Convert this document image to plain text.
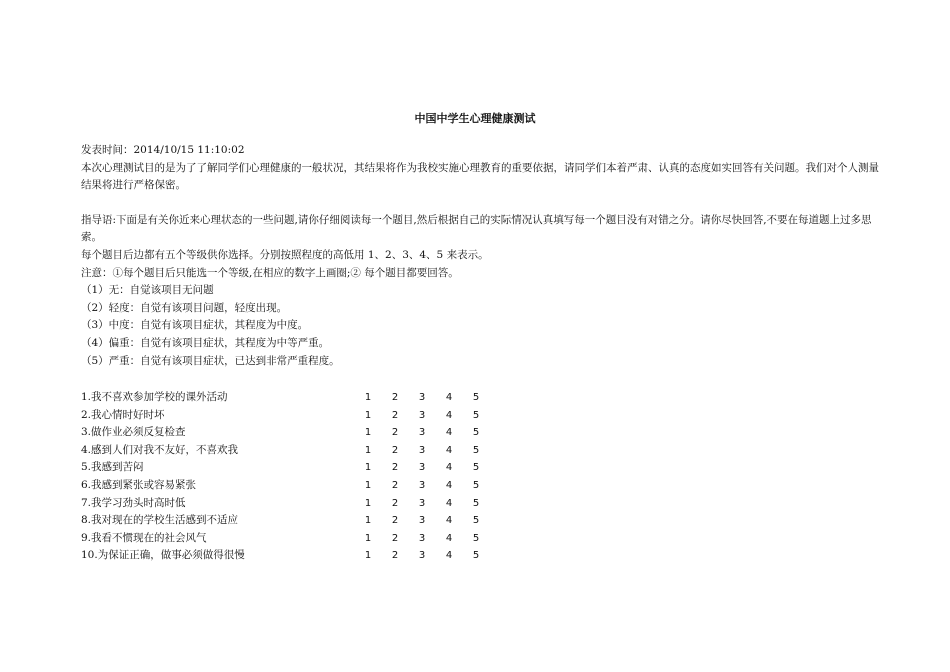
中国中学生心理健康测试
发表时间：2014/10/15 11:10:02
本次心理测试目的是为了了解同学们心理健康的一般状况，其结果将作为我校实施心理教育的重要依据，请同学们本着严肃、认真的态度如实回答有关问题。我们对个人测量结果将进行严格保密。
指导语:下面是有关你近来心理状态的一些问题,请你仔细阅读每一个题目,然后根据自己的实际情况认真填写每一个题目没有对错之分。请你尽快回答,不要在每道题上过多思索。
每个题目后边都有五个等级供你选择。分别按照程度的高低用 1、2、3、4、5 来表示。
注意：①每个题目后只能选一个等级,在相应的数字上画圈;② 每个题目都要回答。
（1）无：自觉该项目无问题
（2）轻度：自觉有该项目问题，轻度出现。
（3）中度：自觉有该项目症状，其程度为中度。
（4）偏重：自觉有该项目症状，其程度为中等严重。
（5）严重：自觉有该项目症状，已达到非常严重程度。
1.我不喜欢参加学校的课外活动	1 2 3 4 5
2.我心情时好时坏	1 2 3 4 5
3.做作业必须反复检查	1 2 3 4 5
4.感到人们对我不友好，不喜欢我	1 2 3 4 5
5.我感到苦闷	1 2 3 4 5
6.我感到紧张或容易紧张	1 2 3 4 5
7.我学习劲头时高时低	1 2 3 4 5
8.我对现在的学校生活感到不适应	1 2 3 4 5
9.我看不惯现在的社会风气	1 2 3 4 5
10.为保证正确，做事必须做得很慢	1 2 3 4 5
